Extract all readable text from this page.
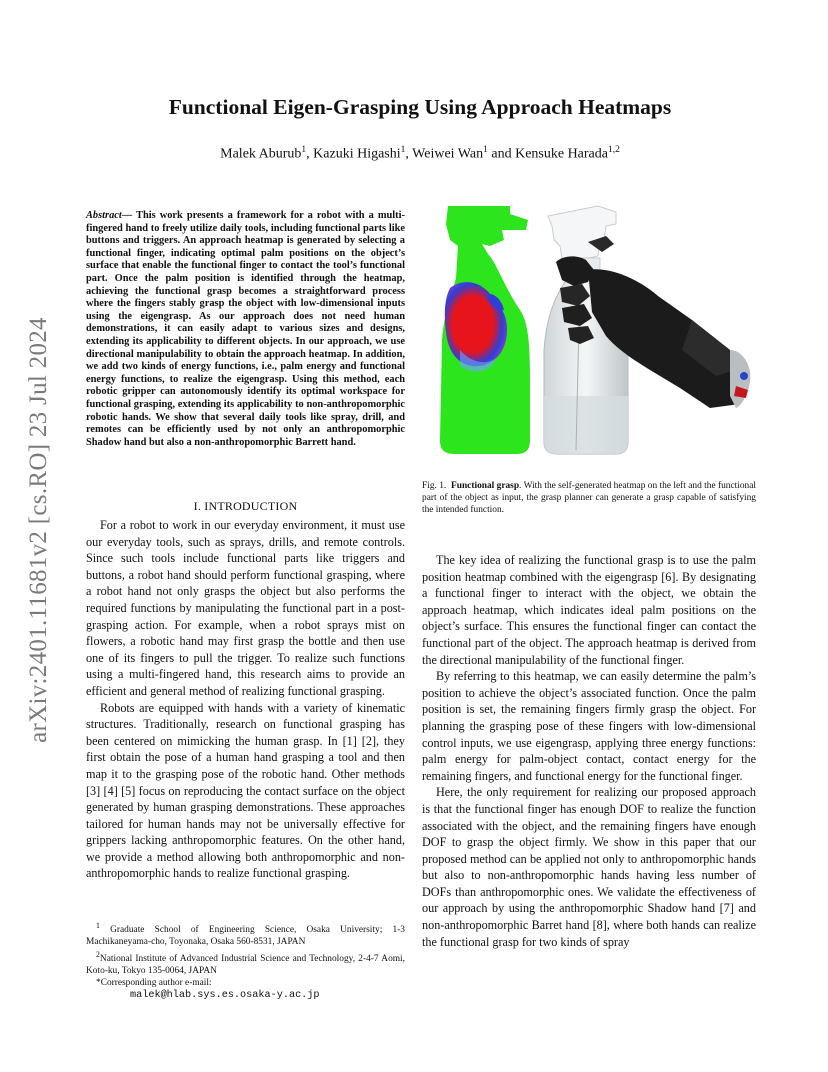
arXiv:2401.11681v2 [cs.RO] 23 Jul 2024
Functional Eigen-Grasping Using Approach Heatmaps
Malek Aburub$^1$, Kazuki Higashi$^1$, Weiwei Wan$^1$ and Kensuke Harada$^{1,2}$
Abstract— This work presents a framework for a robot with a multi-fingered hand to freely utilize daily tools, including functional parts like buttons and triggers. An approach heatmap is generated by selecting a functional finger, indicating optimal palm positions on the object’s surface that enable the functional finger to contact the tool’s functional part. Once the palm position is identified through the heatmap, achieving the functional grasp becomes a straightforward process where the fingers stably grasp the object with low-dimensional inputs using the eigengrasp. As our approach does not need human demonstrations, it can easily adapt to various sizes and designs, extending its applicability to different objects. In our approach, we use directional manipulability to obtain the approach heatmap. In addition, we add two kinds of energy functions, i.e., palm energy and functional energy functions, to realize the eigengrasp. Using this method, each robotic gripper can autonomously identify its optimal workspace for functional grasping, extending its applicability to non-anthropomorphic robotic hands. We show that several daily tools like spray, drill, and remotes can be efficiently used by not only an anthropomorphic Shadow hand but also a non-anthropomorphic Barrett hand.
I. INTRODUCTION

For a robot to work in our everyday environment, it must use our everyday tools, such as sprays, drills, and remote controls. Since such tools include functional parts like triggers and buttons, a robot hand should perform functional grasping, where a robot hand not only grasps the object but also performs the required functions by manipulating the functional part in a post-grasping action. For example, when a robot sprays mist on flowers, a robotic hand may first grasp the bottle and then use one of its fingers to pull the trigger. To realize such functions using a multi-fingered hand, this research aims to provide an efficient and general method of realizing functional grasping.

Robots are equipped with hands with a variety of kinematic structures. Traditionally, research on functional grasping has been centered on mimicking the human grasp. In [1] [2], they first obtain the pose of a human hand grasping a tool and then map it to the grasping pose of the robotic hand. Other methods [3] [4] [5] focus on reproducing the contact surface on the object generated by human grasping demonstrations. These approaches tailored for human hands may not be universally effective for grippers lacking anthropomorphic features. On the other hand, we provide a method allowing both anthropomorphic and non-anthropomorphic hands to realize functional grasping.

$^1$ Graduate School of Engineering Science, Osaka University; 1-3 Machikaneyama-cho, Toyonaka, Osaka 560-8531, JAPAN

$^2$National Institute of Advanced Industrial Science and Technology, 2-4-7 Aomi, Koto-ku, Tokyo 135-0064, JAPAN

*Corresponding author e-mail:

malek@hlab.sys.es.osaka-y.ac.jp

Fig. 1. Functional grasp. With the self-generated heatmap on the left and the functional part of the object as input, the grasp planner can generate a grasp capable of satisfying the intended function.

The key idea of realizing the functional grasp is to use the palm position heatmap combined with the eigengrasp [6]. By designating a functional finger to interact with the object, we obtain the approach heatmap, which indicates ideal palm positions on the object’s surface. This ensures the functional finger can contact the functional part of the object. The approach heatmap is derived from the directional manipulability of the functional finger.

By referring to this heatmap, we can easily determine the palm’s position to achieve the object’s associated function. Once the palm position is set, the remaining fingers firmly grasp the object. For planning the grasping pose of these fingers with low-dimensional control inputs, we use eigengrasp, applying three energy functions: palm energy for palm-object contact, contact energy for the remaining fingers, and functional energy for the functional finger.

Here, the only requirement for realizing our proposed approach is that the functional finger has enough DOF to realize the function associated with the object, and the remaining fingers have enough DOF to grasp the object firmly. We show in this paper that our proposed method can be applied not only to anthropomorphic hands but also to non-anthropomorphic hands having less number of DOFs than anthropomorphic ones. We validate the effectiveness of our approach by using the anthropomorphic Shadow hand [7] and non-anthropomorphic Barret hand [8], where both hands can realize the functional grasp for two kinds of spray
